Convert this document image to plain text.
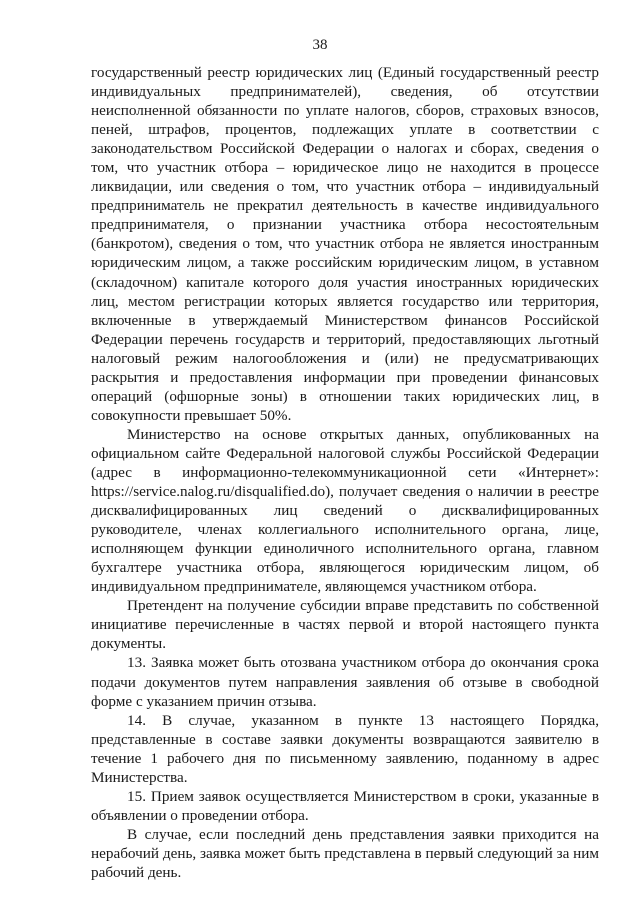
38

государственный реестр юридических лиц (Единый государственный реестр индивидуальных предпринимателей), сведения, об отсутствии неисполненной обязанности по уплате налогов, сборов, страховых взносов, пеней, штрафов, процентов, подлежащих уплате в соответствии с законодательством Российской Федерации о налогах и сборах, сведения о том, что участник отбора – юридическое лицо не находится в процессе ликвидации, или сведения о том, что участник отбора – индивидуальный предприниматель не прекратил деятельность в качестве индивидуального предпринимателя, о признании участника отбора несостоятельным (банкротом), сведения о том, что участник отбора не является иностранным юридическим лицом, а также российским юридическим лицом, в уставном (складочном) капитале которого доля участия иностранных юридических лиц, местом регистрации которых является государство или территория, включенные в утверждаемый Министерством финансов Российской Федерации перечень государств и территорий, предоставляющих льготный налоговый режим налогообложения и (или) не предусматривающих раскрытия и предоставления информации при проведении финансовых операций (офшорные зоны) в отношении таких юридических лиц, в совокупности превышает 50%.

Министерство на основе открытых данных, опубликованных на официальном сайте Федеральной налоговой службы Российской Федерации (адрес в информационно-телекоммуникационной сети «Интернет»: https://service.nalog.ru/disqualified.do), получает сведения о наличии в реестре дисквалифицированных лиц сведений о дисквалифицированных руководителе, членах коллегиального исполнительного органа, лице, исполняющем функции единоличного исполнительного органа, главном бухгалтере участника отбора, являющегося юридическим лицом, об индивидуальном предпринимателе, являющемся участником отбора.

Претендент на получение субсидии вправе представить по собственной инициативе перечисленные в частях первой и второй настоящего пункта документы.

13. Заявка может быть отозвана участником отбора до окончания срока подачи документов путем направления заявления об отзыве в свободной форме с указанием причин отзыва.

14. В случае, указанном в пункте 13 настоящего Порядка, представленные в составе заявки документы возвращаются заявителю в течение 1 рабочего дня по письменному заявлению, поданному в адрес Министерства.

15. Прием заявок осуществляется Министерством в сроки, указанные в объявлении о проведении отбора.

В случае, если последний день представления заявки приходится на нерабочий день, заявка может быть представлена в первый следующий за ним рабочий день.
